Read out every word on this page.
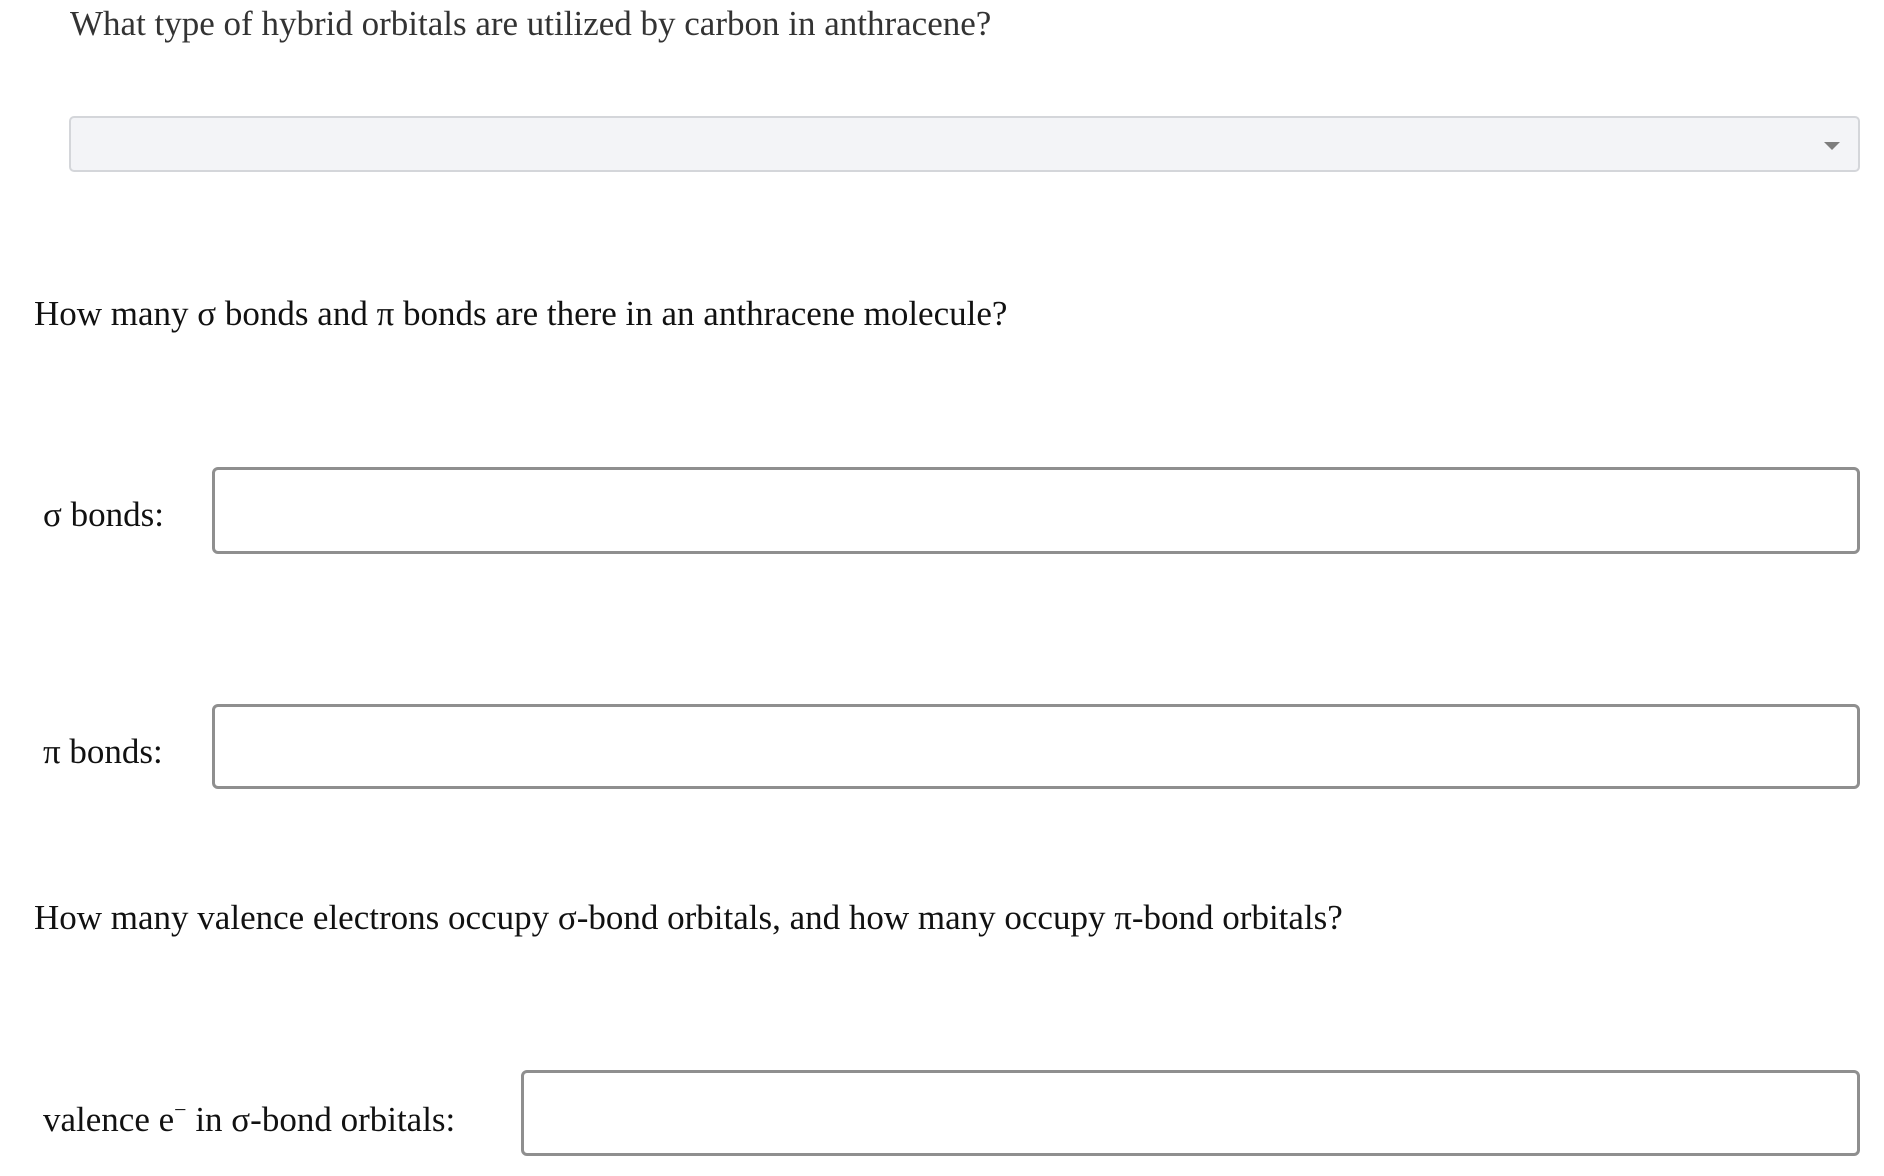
What type of hybrid orbitals are utilized by carbon in anthracene?
How many σ bonds and π bonds are there in an anthracene molecule?
σ bonds:
π bonds:
How many valence electrons occupy σ-bond orbitals, and how many occupy π-bond orbitals?
valence e− in σ-bond orbitals:
